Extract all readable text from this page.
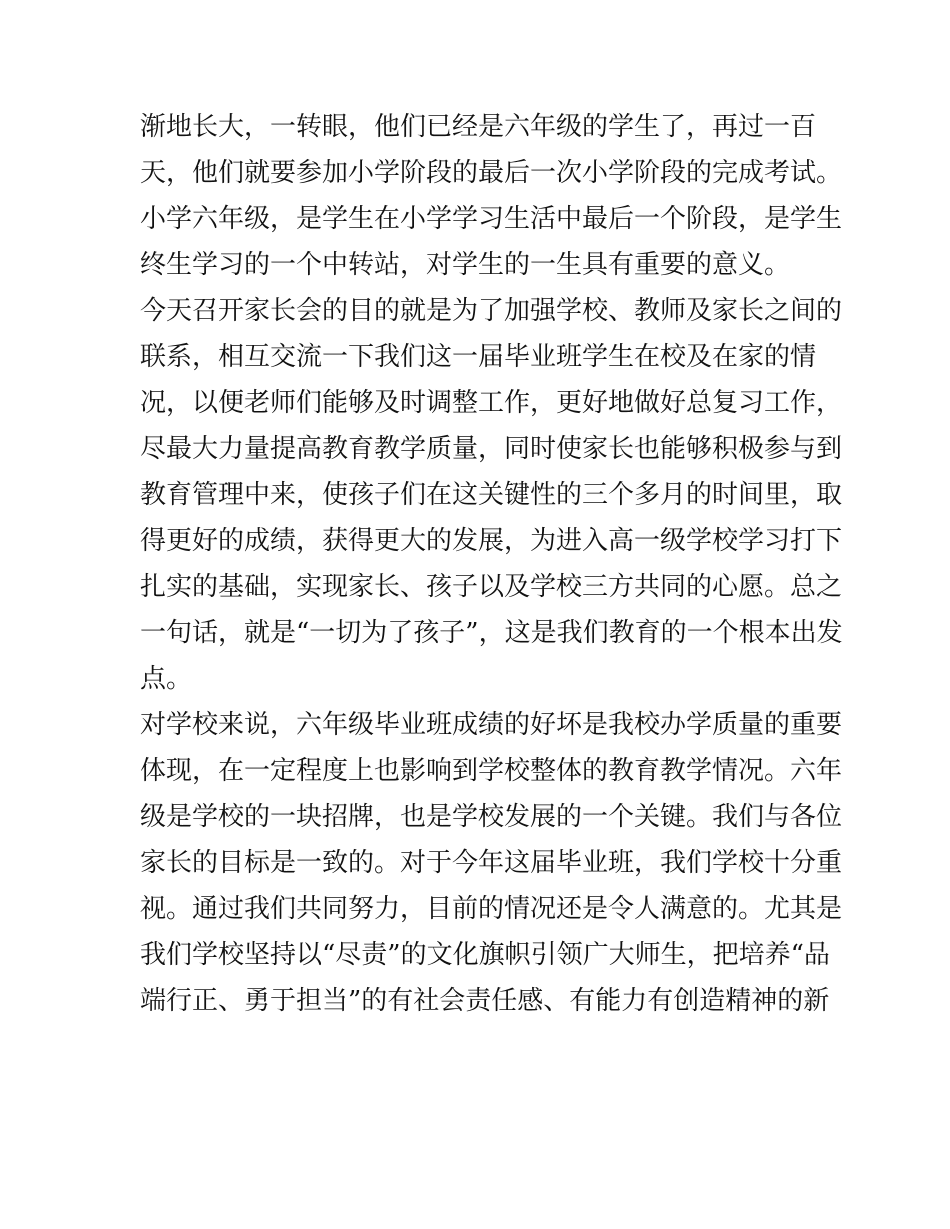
渐地长大，一转眼，他们已经是六年级的学生了，再过一百
天，他们就要参加小学阶段的最后一次小学阶段的完成考试。
小学六年级，是学生在小学学习生活中最后一个阶段，是学生
终生学习的一个中转站，对学生的一生具有重要的意义。
今天召开家长会的目的就是为了加强学校、教师及家长之间的
联系，相互交流一下我们这一届毕业班学生在校及在家的情
况，以便老师们能够及时调整工作，更好地做好总复习工作，
尽最大力量提高教育教学质量，同时使家长也能够积极参与到
教育管理中来，使孩子们在这关键性的三个多月的时间里，取
得更好的成绩，获得更大的发展，为进入高一级学校学习打下
扎实的基础，实现家长、孩子以及学校三方共同的心愿。总之
一句话，就是“一切为了孩子”，这是我们教育的一个根本出发
点。
对学校来说，六年级毕业班成绩的好坏是我校办学质量的重要
体现，在一定程度上也影响到学校整体的教育教学情况。六年
级是学校的一块招牌，也是学校发展的一个关键。我们与各位
家长的目标是一致的。对于今年这届毕业班，我们学校十分重
视。通过我们共同努力，目前的情况还是令人满意的。尤其是
我们学校坚持以“尽责”的文化旗帜引领广大师生，把培养“品
端行正、勇于担当”的有社会责任感、有能力有创造精神的新
